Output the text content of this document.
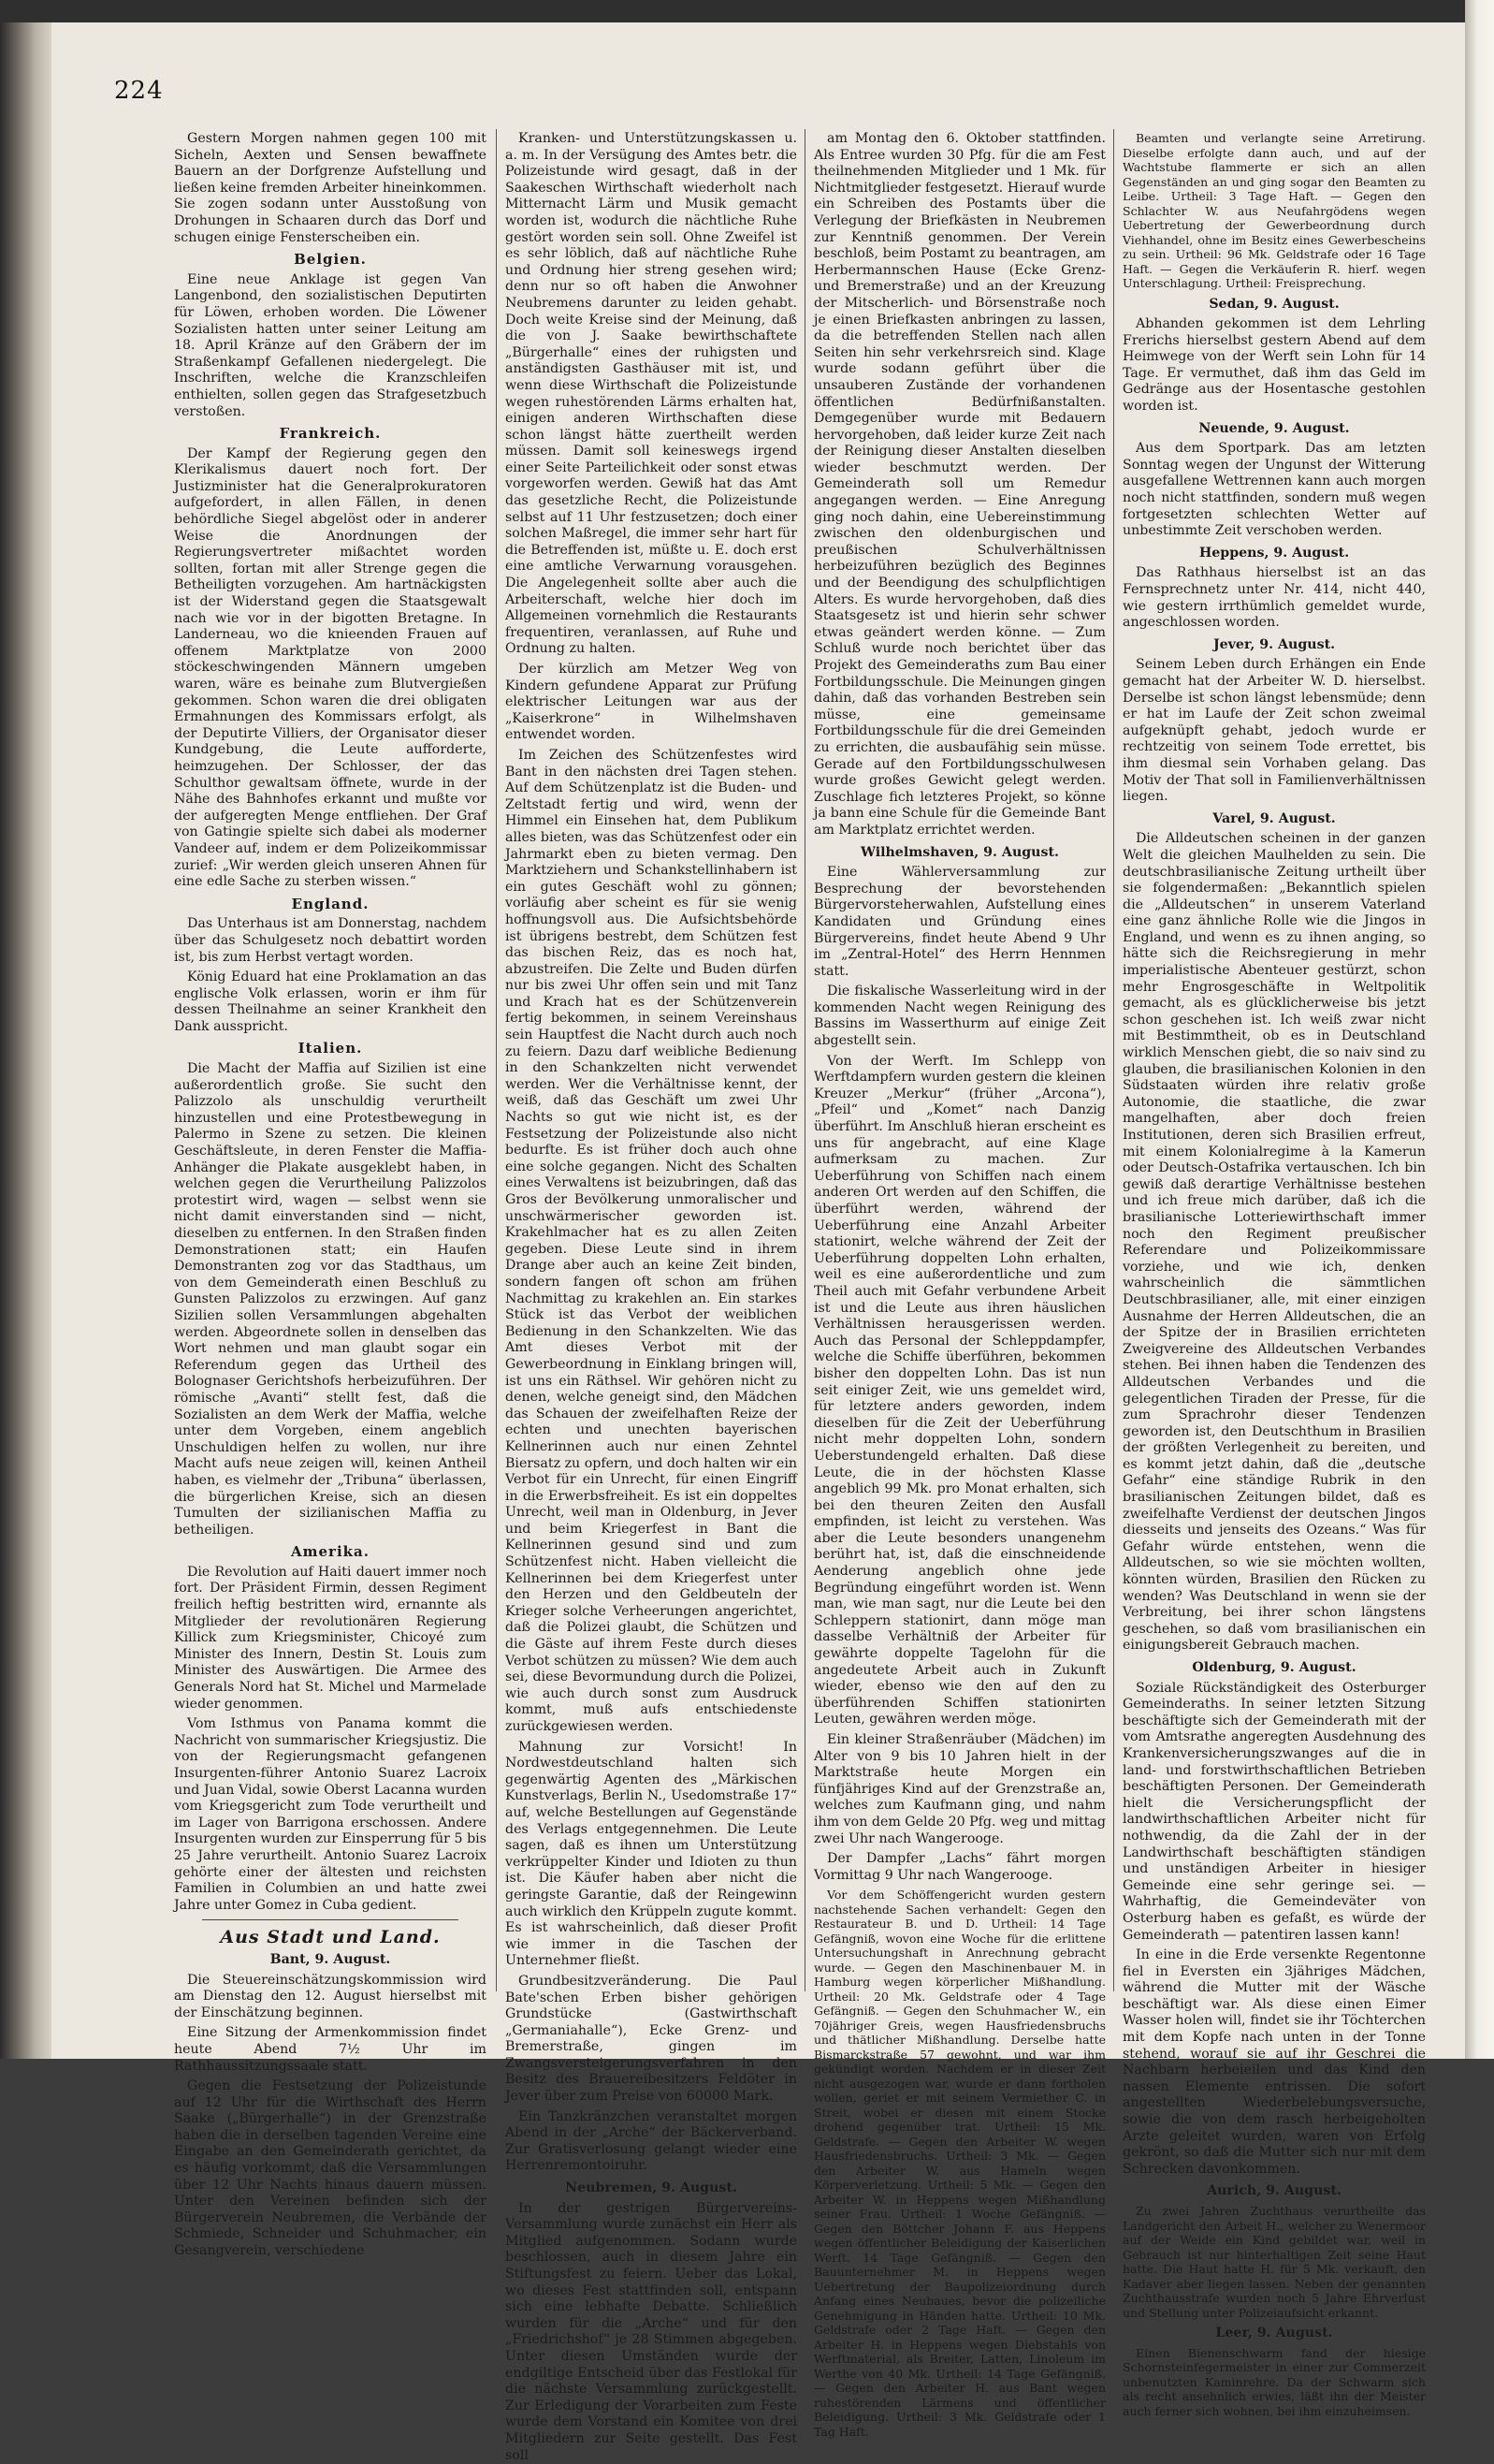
224

Gestern Morgen nahmen gegen 100 mit Sicheln, Aexten und Sensen bewaffnete Bauern an der Dorfgrenze Aufstellung und ließen keine fremden Arbeiter hineinkommen. Sie zogen sodann unter Ausstoßung von Drohungen in Schaaren durch das Dorf und schugen einige Fensterscheiben ein.

Belgien.

Eine neue Anklage ist gegen Van Langenbond, den sozialistischen Deputirten für Löwen, erhoben worden. Die Löwener Sozialisten hatten unter seiner Leitung am 18. April Kränze auf den Gräbern der im Straßenkampf Gefallenen niedergelegt. Die Inschriften, welche die Kranzschleifen enthielten, sollen gegen das Strafgesetzbuch verstoßen.

Frankreich.

Der Kampf der Regierung gegen den Klerikalismus dauert noch fort. Der Justizminister hat die Generalprokuratoren aufgefordert, in allen Fällen, in denen behördliche Siegel abgelöst oder in anderer Weise die Anordnungen der Regierungsvertreter mißachtet worden sollten, fortan mit aller Strenge gegen die Betheiligten vorzugehen. Am hartnäckigsten ist der Widerstand gegen die Staatsgewalt nach wie vor in der bigotten Bretagne. In Landerneau, wo die knieenden Frauen auf offenem Marktplatze von 2000 stöckeschwingenden Männern umgeben waren, wäre es beinahe zum Blutvergießen gekommen. Schon waren die drei obligaten Ermahnungen des Kommissars erfolgt, als der Deputirte Villiers, der Organisator dieser Kundgebung, die Leute aufforderte, heimzugehen. Der Schlosser, der das Schulthor gewaltsam öffnete, wurde in der Nähe des Bahnhofes erkannt und mußte vor der aufgeregten Menge entfliehen. Der Graf von Gatingie spielte sich dabei als moderner Vandeer auf, indem er dem Polizeikommissar zurief: „Wir werden gleich unseren Ahnen für eine edle Sache zu sterben wissen.“

England.

Das Unterhaus ist am Donnerstag, nachdem über das Schulgesetz noch debattirt worden ist, bis zum Herbst vertagt worden.

König Eduard hat eine Proklamation an das englische Volk erlassen, worin er ihm für dessen Theilnahme an seiner Krankheit den Dank ausspricht.

Italien.

Die Macht der Maffia auf Sizilien ist eine außerordentlich große. Sie sucht den Palizzolo als unschuldig verurtheilt hinzustellen und eine Protestbewegung in Palermo in Szene zu setzen. Die kleinen Geschäftsleute, in deren Fenster die Maffia-Anhänger die Plakate ausgeklebt haben, in welchen gegen die Verurtheilung Palizzolos protestirt wird, wagen — selbst wenn sie nicht damit einverstanden sind — nicht, dieselben zu entfernen. In den Straßen finden Demonstrationen statt; ein Haufen Demonstranten zog vor das Stadthaus, um von dem Gemeinderath einen Beschluß zu Gunsten Palizzolos zu erzwingen. Auf ganz Sizilien sollen Versammlungen abgehalten werden. Abgeordnete sollen in denselben das Wort nehmen und man glaubt sogar ein Referendum gegen das Urtheil des Bolognaser Gerichtshofs herbeizuführen. Der römische „Avanti“ stellt fest, daß die Sozialisten an dem Werk der Maffia, welche unter dem Vorgeben, einem angeblich Unschuldigen helfen zu wollen, nur ihre Macht aufs neue zeigen will, keinen Antheil haben, es vielmehr der „Tribuna“ überlassen, die bürgerlichen Kreise, sich an diesen Tumulten der sizilianischen Maffia zu betheiligen.

Amerika.

Die Revolution auf Haiti dauert immer noch fort. Der Präsident Firmin, dessen Regiment freilich heftig bestritten wird, ernannte als Mitglieder der revolutionären Regierung Killick zum Kriegsminister, Chicoyé zum Minister des Innern, Destin St. Louis zum Minister des Auswärtigen. Die Armee des Generals Nord hat St. Michel und Marmelade wieder genommen.

Vom Isthmus von Panama kommt die Nachricht von summarischer Kriegsjustiz. Die von der Regierungsmacht gefangenen Insurgenten-führer Antonio Suarez Lacroix und Juan Vidal, sowie Oberst Lacanna wurden vom Kriegsgericht zum Tode verurtheilt und im Lager von Barrigona erschossen. Andere Insurgenten wurden zur Einsperrung für 5 bis 25 Jahre verurtheilt. Antonio Suarez Lacroix gehörte einer der ältesten und reichsten Familien in Columbien an und hatte zwei Jahre unter Gomez in Cuba gedient.

Aus Stadt und Land.
Bant, 9. August.

Die Steuereinschätzungskommission wird am Dienstag den 12. August hierselbst mit der Einschätzung beginnen.

Eine Sitzung der Armenkommission findet heute Abend 7½ Uhr im Rathhaussitzungssaale statt.

Gegen die Festsetzung der Polizeistunde auf 12 Uhr für die Wirthschaft des Herrn Saake („Bürgerhalle“) in der Grenzstraße haben die in derselben tagenden Vereine eine Eingabe an den Gemeinderath gerichtet, da es häufig vorkommt, daß die Versammlungen über 12 Uhr Nachts hinaus dauern müssen. Unter den Vereinen befinden sich der Bürgerverein Neubremen, die Verbände der Schmiede, Schneider und Schuhmacher, ein Gesangverein, verschiedene

Kranken- und Unterstützungskassen u. a. m. In der Versügung des Amtes betr. die Polizeistunde wird gesagt, daß in der Saakeschen Wirthschaft wiederholt nach Mitternacht Lärm und Musik gemacht worden ist, wodurch die nächtliche Ruhe gestört worden sein soll. Ohne Zweifel ist es sehr löblich, daß auf nächtliche Ruhe und Ordnung hier streng gesehen wird; denn nur so oft haben die Anwohner Neubremens darunter zu leiden gehabt. Doch weite Kreise sind der Meinung, daß die von J. Saake bewirthschaftete „Bürgerhalle“ eines der ruhigsten und anständigsten Gasthäuser mit ist, und wenn diese Wirthschaft die Polizeistunde wegen ruhestörenden Lärms erhalten hat, einigen anderen Wirthschaften diese schon längst hätte zuertheilt werden müssen. Damit soll keineswegs irgend einer Seite Parteilichkeit oder sonst etwas vorgeworfen werden. Gewiß hat das Amt das gesetzliche Recht, die Polizeistunde selbst auf 11 Uhr festzusetzen; doch einer solchen Maßregel, die immer sehr hart für die Betreffenden ist, müßte u. E. doch erst eine amtliche Verwarnung vorausgehen. Die Angelegenheit sollte aber auch die Arbeiterschaft, welche hier doch im Allgemeinen vornehmlich die Restaurants frequentiren, veranlassen, auf Ruhe und Ordnung zu halten.

Der kürzlich am Metzer Weg von Kindern gefundene Apparat zur Prüfung elektrischer Leitungen war aus der „Kaiserkrone“ in Wilhelmshaven entwendet worden.

Im Zeichen des Schützenfestes wird Bant in den nächsten drei Tagen stehen. Auf dem Schützenplatz ist die Buden- und Zeltstadt fertig und wird, wenn der Himmel ein Einsehen hat, dem Publikum alles bieten, was das Schützenfest oder ein Jahrmarkt eben zu bieten vermag. Den Marktziehern und Schankstellinhabern ist ein gutes Geschäft wohl zu gönnen; vorläufig aber scheint es für sie wenig hoffnungsvoll aus. Die Aufsichtsbehörde ist übrigens bestrebt, dem Schützen fest das bischen Reiz, das es noch hat, abzustreifen. Die Zelte und Buden dürfen nur bis zwei Uhr offen sein und mit Tanz und Krach hat es der Schützenverein fertig bekommen, in seinem Vereinshaus sein Hauptfest die Nacht durch auch noch zu feiern. Dazu darf weibliche Bedienung in den Schankzelten nicht verwendet werden. Wer die Verhältnisse kennt, der weiß, daß das Geschäft um zwei Uhr Nachts so gut wie nicht ist, es der Festsetzung der Polizeistunde also nicht bedurfte. Es ist früher doch auch ohne eine solche gegangen. Nicht des Schalten eines Verwaltens ist beizubringen, daß das Gros der Bevölkerung unmoralischer und unschwärmerischer geworden ist. Krakehlmacher hat es zu allen Zeiten gegeben. Diese Leute sind in ihrem Drange aber auch an keine Zeit binden, sondern fangen oft schon am frühen Nachmittag zu krakehlen an. Ein starkes Stück ist das Verbot der weiblichen Bedienung in den Schankzelten. Wie das Amt dieses Verbot mit der Gewerbeordnung in Einklang bringen will, ist uns ein Räthsel. Wir gehören nicht zu denen, welche geneigt sind, den Mädchen das Schauen der zweifelhaften Reize der echten und unechten bayerischen Kellnerinnen auch nur einen Zehntel Biersatz zu opfern, und doch halten wir ein Verbot für ein Unrecht, für einen Eingriff in die Erwerbsfreiheit. Es ist ein doppeltes Unrecht, weil man in Oldenburg, in Jever und beim Kriegerfest in Bant die Kellnerinnen gesund sind und zum Schützenfest nicht. Haben vielleicht die Kellnerinnen bei dem Kriegerfest unter den Herzen und den Geldbeuteln der Krieger solche Verheerungen angerichtet, daß die Polizei glaubt, die Schützen und die Gäste auf ihrem Feste durch dieses Verbot schützen zu müssen? Wie dem auch sei, diese Bevormundung durch die Polizei, wie auch durch sonst zum Ausdruck kommt, muß aufs entschiedenste zurückgewiesen werden.

Mahnung zur Vorsicht! In Nordwestdeutschland halten sich gegenwärtig Agenten des „Märkischen Kunstverlags, Berlin N., Usedomstraße 17“ auf, welche Bestellungen auf Gegenstände des Verlags entgegennehmen. Die Leute sagen, daß es ihnen um Unterstützung verkrüppelter Kinder und Idioten zu thun ist. Die Käufer haben aber nicht die geringste Garantie, daß der Reingewinn auch wirklich den Krüppeln zugute kommt. Es ist wahrscheinlich, daß dieser Profit wie immer in die Taschen der Unternehmer fließt.

Grundbesitzveränderung. Die Paul Bate'schen Erben bisher gehörigen Grundstücke (Gastwirthschaft „Germaniahalle“), Ecke Grenz- und Bremerstraße, gingen im Zwangsversteigerungsverfahren in den Besitz des Brauereibesitzers Feldöter in Jever über zum Preise von 60000 Mark.

Ein Tanzkränzchen veranstaltet morgen Abend in der „Arche“ der Bäckerverband. Zur Gratisverlosung gelangt wieder eine Herrenremontoiruhr.

Neubremen, 9. August.

In der gestrigen Bürgervereins-Versammlung wurde zunächst ein Herr als Mitglied aufgenommen. Sodann wurde beschlossen, auch in diesem Jahre ein Stiftungsfest zu feiern. Ueber das Lokal, wo dieses Fest stattfinden soll, entspann sich eine lebhafte Debatte. Schließlich wurden für die „Arche“ und für den „Friedrichshof“ je 28 Stimmen abgegeben. Unter diesen Umständen wurde der endgiltige Entscheid über das Festlokal für die nächste Versammlung zurückgestellt. Zur Erledigung der Vorarbeiten zum Feste wurde dem Vorstand ein Komitee von drei Mitgliedern zur Seite gestellt. Das Fest soll

am Montag den 6. Oktober stattfinden. Als Entree wurden 30 Pfg. für die am Fest theilnehmenden Mitglieder und 1 Mk. für Nichtmitglieder festgesetzt. Hierauf wurde ein Schreiben des Postamts über die Verlegung der Briefkästen in Neubremen zur Kenntniß genommen. Der Verein beschloß, beim Postamt zu beantragen, am Herbermannschen Hause (Ecke Grenz- und Bremerstraße) und an der Kreuzung der Mitscherlich- und Börsenstraße noch je einen Briefkasten anbringen zu lassen, da die betreffenden Stellen nach allen Seiten hin sehr verkehrsreich sind. Klage wurde sodann geführt über die unsauberen Zustände der vorhandenen öffentlichen Bedürfnißanstalten. Demgegenüber wurde mit Bedauern hervorgehoben, daß leider kurze Zeit nach der Reinigung dieser Anstalten dieselben wieder beschmutzt werden. Der Gemeinderath soll um Remedur angegangen werden. — Eine Anregung ging noch dahin, eine Uebereinstimmung zwischen den oldenburgischen und preußischen Schulverhältnissen herbeizuführen bezüglich des Beginnes und der Beendigung des schulpflichtigen Alters. Es wurde hervorgehoben, daß dies Staatsgesetz ist und hierin sehr schwer etwas geändert werden könne. — Zum Schluß wurde noch berichtet über das Projekt des Gemeinderaths zum Bau einer Fortbildungsschule. Die Meinungen gingen dahin, daß das vorhanden Bestreben sein müsse, eine gemeinsame Fortbildungsschule für die drei Gemeinden zu errichten, die ausbaufähig sein müsse. Gerade auf den Fortbildungsschulwesen wurde großes Gewicht gelegt werden. Zuschlage fich letzteres Projekt, so könne ja bann eine Schule für die Gemeinde Bant am Marktplatz errichtet werden.

Wilhelmshaven, 9. August.

Eine Wählerversammlung zur Besprechung der bevorstehenden Bürgervorsteherwahlen, Aufstellung eines Kandidaten und Gründung eines Bürgervereins, findet heute Abend 9 Uhr im „Zentral-Hotel“ des Herrn Hennmen statt.

Die fiskalische Wasserleitung wird in der kommenden Nacht wegen Reinigung des Bassins im Wasserthurm auf einige Zeit abgestellt sein.

Von der Werft. Im Schlepp von Werftdampfern wurden gestern die kleinen Kreuzer „Merkur“ (früher „Arcona“), „Pfeil“ und „Komet“ nach Danzig überführt. Im Anschluß hieran erscheint es uns für angebracht, auf eine Klage aufmerksam zu machen. Zur Ueberführung von Schiffen nach einem anderen Ort werden auf den Schiffen, die überführt werden, während der Ueberführung eine Anzahl Arbeiter stationirt, welche während der Zeit der Ueberführung doppelten Lohn erhalten, weil es eine außerordentliche und zum Theil auch mit Gefahr verbundene Arbeit ist und die Leute aus ihren häuslichen Verhältnissen herausgerissen werden. Auch das Personal der Schleppdampfer, welche die Schiffe überführen, bekommen bisher den doppelten Lohn. Das ist nun seit einiger Zeit, wie uns gemeldet wird, für letztere anders geworden, indem dieselben für die Zeit der Ueberführung nicht mehr doppelten Lohn, sondern Ueberstundengeld erhalten. Daß diese Leute, die in der höchsten Klasse angeblich 99 Mk. pro Monat erhalten, sich bei den theuren Zeiten den Ausfall empfinden, ist leicht zu verstehen. Was aber die Leute besonders unangenehm berührt hat, ist, daß die einschneidende Aenderung angeblich ohne jede Begründung eingeführt worden ist. Wenn man, wie man sagt, nur die Leute bei den Schleppern stationirt, dann möge man dasselbe Verhältniß der Arbeiter für gewährte doppelte Tagelohn für die angedeutete Arbeit auch in Zukunft wieder, ebenso wie den auf den zu überführenden Schiffen stationirten Leuten, gewähren werden möge.

Ein kleiner Straßenräuber (Mädchen) im Alter von 9 bis 10 Jahren hielt in der Marktstraße heute Morgen ein fünfjähriges Kind auf der Grenzstraße an, welches zum Kaufmann ging, und nahm ihm von dem Gelde 20 Pfg. weg und mittag zwei Uhr nach Wangerooge.

Der Dampfer „Lachs“ fährt morgen Vormittag 9 Uhr nach Wangerooge.

Vor dem Schöffengericht wurden gestern nachstehende Sachen verhandelt: Gegen den Restaurateur B. und D. Urtheil: 14 Tage Gefängniß, wovon eine Woche für die erlittene Untersuchungshaft in Anrechnung gebracht wurde. — Gegen den Maschinenbauer M. in Hamburg wegen körperlicher Mißhandlung. Urtheil: 20 Mk. Geldstrafe oder 4 Tage Gefängniß. — Gegen den Schuhmacher W., ein 70jähriger Greis, wegen Hausfriedensbruchs und thätlicher Mißhandlung. Derselbe hatte Bismarckstraße 57 gewohnt, und war ihm gekündigt worden. Nachdem er in dieser Zeit nicht ausgezogen war, wurde er dann fortholen wollen, geriet er mit seinem Vermiether C. in Streit, wobei er diesen mit einem Stocke drohend gegenüber trat. Urtheil: 15 Mk. Geldstrafe. — Gegen den Arbeiter W. wegen Hausfriedensbruchs. Urtheil: 3 Mk. — Gegen den Arbeiter W. aus Hameln wegen Körperverletzung. Urtheil: 5 Mk. — Gegen den Arbeiter W. in Heppens wegen Mißhandlung seiner Frau. Urtheil: 1 Woche Gefängniß. — Gegen den Böttcher Johann F. aus Heppens wegen öffentlicher Beleidigung der Kaiserlichen Werft. 14 Tage Gefängniß. — Gegen den Bauunternehmer M. in Heppens wegen Uebertretung der Baupolizeiordnung durch Anfang eines Neubaues, bevor die polizeiliche Genehmigung in Händen hatte. Urtheil: 10 Mk. Geldstrafe oder 2 Tage Haft. — Gegen den Arbeiter H. in Heppens wegen Diebstahls von Werftmaterial, als Breiter, Latten, Linoleum im Werthe von 40 Mk. Urtheil: 14 Tage Gefängniß. — Gegen den Arbeiter H. aus Bant wegen ruhestörenden Lärmens und öffentlicher Beleidigung. Urtheil: 3 Mk. Geldstrafe oder 1 Tag Haft.

Beamten und verlangte seine Arretirung. Dieselbe erfolgte dann auch, und auf der Wachtstube flammerte er sich an allen Gegenständen an und ging sogar den Beamten zu Leibe. Urtheil: 3 Tage Haft. — Gegen den Schlachter W. aus Neufahrgödens wegen Uebertretung der Gewerbeordnung durch Viehhandel, ohne im Besitz eines Gewerbescheins zu sein. Urtheil: 96 Mk. Geldstrafe oder 16 Tage Haft. — Gegen die Verkäuferin R. hierf. wegen Unterschlagung. Urtheil: Freisprechung.

Sedan, 9. August.

Abhanden gekommen ist dem Lehrling Frerichs hierselbst gestern Abend auf dem Heimwege von der Werft sein Lohn für 14 Tage. Er vermuthet, daß ihm das Geld im Gedränge aus der Hosentasche gestohlen worden ist.

Neuende, 9. August.

Aus dem Sportpark. Das am letzten Sonntag wegen der Ungunst der Witterung ausgefallene Wettrennen kann auch morgen noch nicht stattfinden, sondern muß wegen fortgesetzten schlechten Wetter auf unbestimmte Zeit verschoben werden.

Heppens, 9. August.

Das Rathhaus hierselbst ist an das Fernsprechnetz unter Nr. 414, nicht 440, wie gestern irrthümlich gemeldet wurde, angeschlossen worden.

Jever, 9. August.

Seinem Leben durch Erhängen ein Ende gemacht hat der Arbeiter W. D. hierselbst. Derselbe ist schon längst lebensmüde; denn er hat im Laufe der Zeit schon zweimal aufgeknüpft gehabt, jedoch wurde er rechtzeitig von seinem Tode errettet, bis ihm diesmal sein Vorhaben gelang. Das Motiv der That soll in Familienverhältnissen liegen.

Varel, 9. August.

Die Alldeutschen scheinen in der ganzen Welt die gleichen Maulhelden zu sein. Die deutschbrasilianische Zeitung urtheilt über sie folgendermaßen: „Bekanntlich spielen die „Alldeutschen“ in unserem Vaterland eine ganz ähnliche Rolle wie die Jingos in England, und wenn es zu ihnen anging, so hätte sich die Reichsregierung in mehr imperialistische Abenteuer gestürzt, schon mehr Engrosgeschäfte in Weltpolitik gemacht, als es glücklicherweise bis jetzt schon geschehen ist. Ich weiß zwar nicht mit Bestimmtheit, ob es in Deutschland wirklich Menschen giebt, die so naiv sind zu glauben, die brasilianischen Kolonien in den Südstaaten würden ihre relativ große Autonomie, die staatliche, die zwar mangelhaften, aber doch freien Institutionen, deren sich Brasilien erfreut, mit einem Kolonialregime à la Kamerun oder Deutsch-Ostafrika vertauschen. Ich bin gewiß daß derartige Verhältnisse bestehen und ich freue mich darüber, daß ich die brasilianische Lotteriewirthschaft immer noch den Regiment preußischer Referendare und Polizeikommissare vorziehe, und wie ich, denken wahrscheinlich die sämmtlichen Deutschbrasilianer, alle, mit einer einzigen Ausnahme der Herren Alldeutschen, die an der Spitze der in Brasilien errichteten Zweigvereine des Alldeutschen Verbandes stehen. Bei ihnen haben die Tendenzen des Alldeutschen Verbandes und die gelegentlichen Tiraden der Presse, für die zum Sprachrohr dieser Tendenzen geworden ist, den Deutschthum in Brasilien der größten Verlegenheit zu bereiten, und es kommt jetzt dahin, daß die „deutsche Gefahr“ eine ständige Rubrik in den brasilianischen Zeitungen bildet, daß es zweifelhafte Verdienst der deutschen Jingos diesseits und jenseits des Ozeans.“ Was für Gefahr würde entstehen, wenn die Alldeutschen, so wie sie möchten wollten, könnten würden, Brasilien den Rücken zu wenden? Was Deutschland in wenn sie der Verbreitung, bei ihrer schon längstens geschehen, so daß vom brasilianischen ein einigungsbereit Gebrauch machen.

Oldenburg, 9. August.

Soziale Rückständigkeit des Osterburger Gemeinderaths. In seiner letzten Sitzung beschäftigte sich der Gemeinderath mit der vom Amtsrathe angeregten Ausdehnung des Krankenversicherungszwanges auf die in land- und forstwirthschaftlichen Betrieben beschäftigten Personen. Der Gemeinderath hielt die Versicherungspflicht der landwirthschaftlichen Arbeiter nicht für nothwendig, da die Zahl der in der Landwirthschaft beschäftigten ständigen und unständigen Arbeiter in hiesiger Gemeinde eine sehr geringe sei. — Wahrhaftig, die Gemeindeväter von Osterburg haben es gefaßt, es würde der Gemeinderath — patentiren lassen kann!

In eine in die Erde versenkte Regentonne fiel in Eversten ein 3jähriges Mädchen, während die Mutter mit der Wäsche beschäftigt war. Als diese einen Eimer Wasser holen will, findet sie ihr Töchterchen mit dem Kopfe nach unten in der Tonne stehend, worauf sie auf ihr Geschrei die Nachbarn herbeieilen und das Kind den nassen Elemente entrissen. Die sofort angestellten Wiederbelebungsversuche, sowie die von dem rasch herbeigeholten Arzte geleitet wurden, waren von Erfolg gekrönt, so daß die Mutter sich nur mit dem Schrecken davonkommen.

Aurich, 9. August.

Zu zwei Jahren Zuchthaus verurtheilte das Landgericht den Arbeit H., welcher zu Wenermoor auf der Weide ein Kind gebildet war, weil in Gebrauch ist nur hinterhaltigen Zeit seine Haut hatte. Die Haut hatte H. für 5 Mk. verkauft, den Kadaver aber liegen lassen. Neben der genannten Zuchthausstrafe wurden noch 5 Jahre Ehrverlust und Stellung unter Polizeiaufsicht erkannt.

Leer, 9. August.

Einen Bienenschwarm fand der hiesige Schornsteinfegermeister in einer zur Commerzeit unbenutzten Kaminrehre. Da der Schwarm sich als recht ansehnlich erwies, läßt ihn der Meister auch ferner sich wohnen, bei ihm einzuheimsen.
